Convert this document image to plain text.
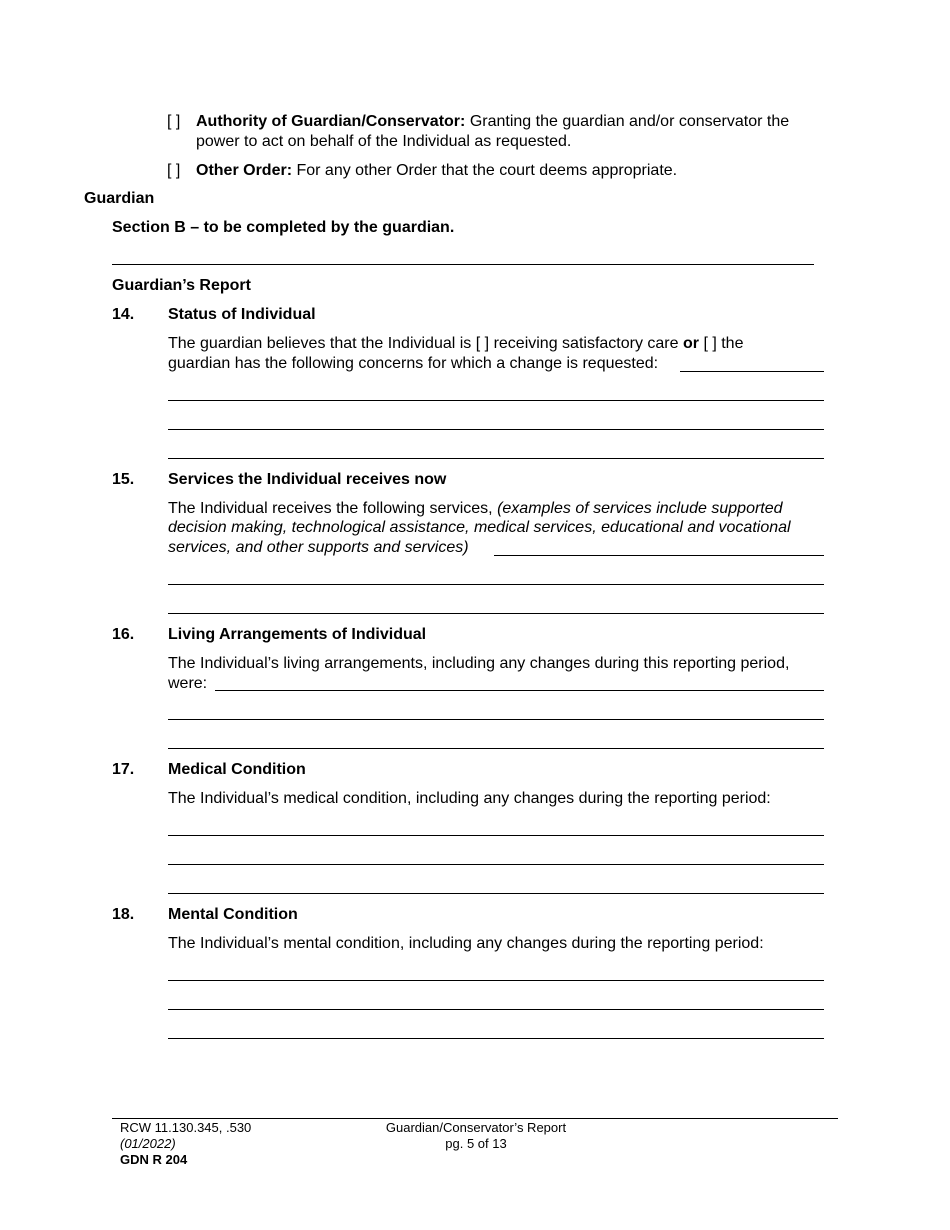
[ ] Authority of Guardian/Conservator: Granting the guardian and/or conservator the
power to act on behalf of the Individual as requested.
[ ] Other Order: For any other Order that the court deems appropriate.
Guardian
Section B – to be completed by the guardian.
Guardian’s Report
14. Status of Individual
The guardian believes that the Individual is [ ] receiving satisfactory care or [ ] the
guardian has the following concerns for which a change is requested:
15. Services the Individual receives now
The Individual receives the following services, (examples of services include supported
decision making, technological assistance, medical services, educational and vocational
services, and other supports and services)
16. Living Arrangements of Individual
The Individual’s living arrangements, including any changes during this reporting period,
were:
17. Medical Condition
The Individual’s medical condition, including any changes during the reporting period:
18. Mental Condition
The Individual’s mental condition, including any changes during the reporting period:
RCW 11.130.345, .530
(01/2022)
GDN R 204
Guardian/Conservator’s Report
pg. 5 of 13
